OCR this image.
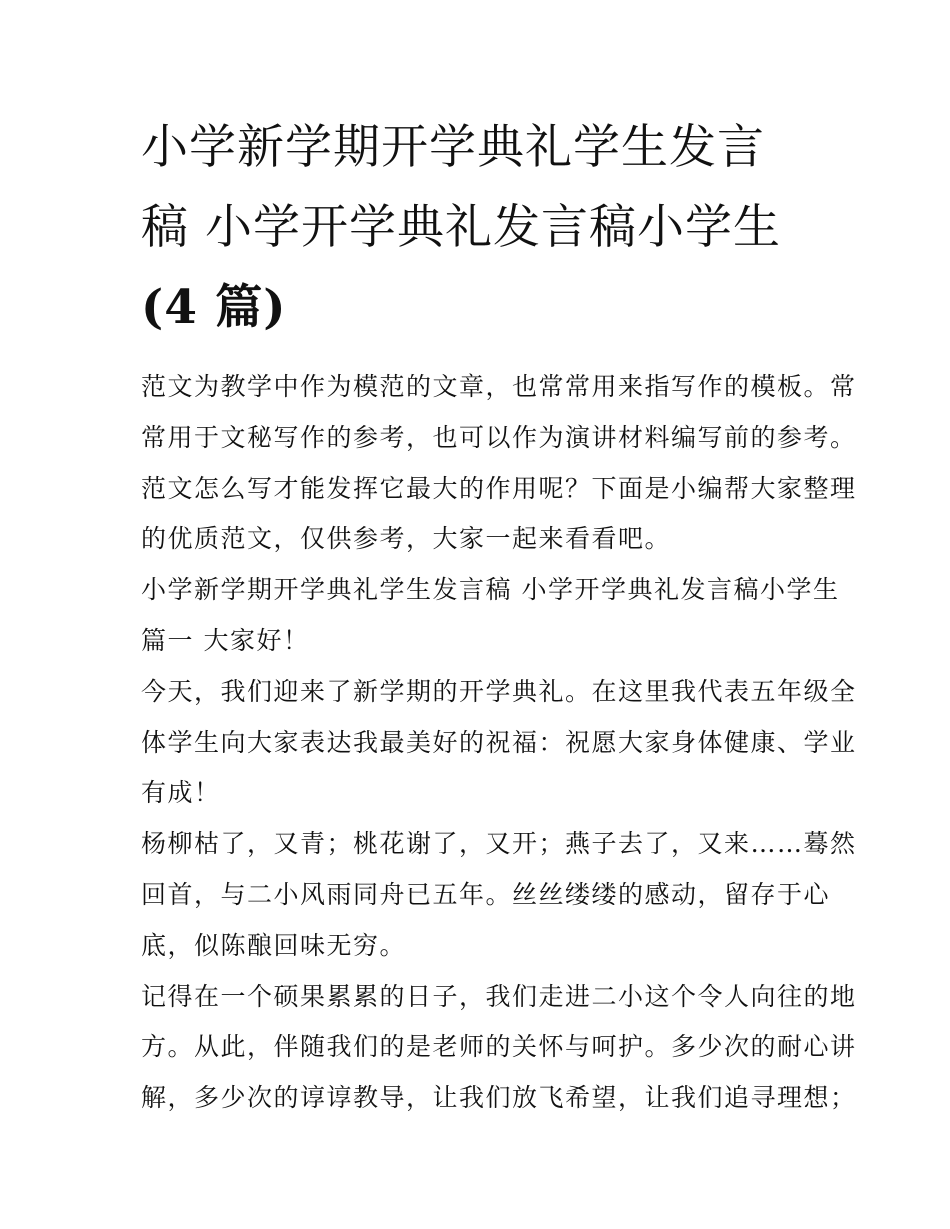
小学新学期开学典礼学生发言
稿 小学开学典礼发言稿小学生
(4 篇)

范文为教学中作为模范的文章，也常常用来指写作的模板。常
常用于文秘写作的参考，也可以作为演讲材料编写前的参考。
范文怎么写才能发挥它最大的作用呢？下面是小编帮大家整理
的优质范文，仅供参考，大家一起来看看吧。

小学新学期开学典礼学生发言稿 小学开学典礼发言稿小学生
篇一 大家好！

今天，我们迎来了新学期的开学典礼。在这里我代表五年级全
体学生向大家表达我最美好的祝福：祝愿大家身体健康、学业
有成！

杨柳枯了，又青；桃花谢了，又开；燕子去了，又来……蓦然
回首，与二小风雨同舟已五年。丝丝缕缕的感动，留存于心
底，似陈酿回味无穷。

记得在一个硕果累累的日子，我们走进二小这个令人向往的地
方。从此，伴随我们的是老师的关怀与呵护。多少次的耐心讲
解，多少次的谆谆教导，让我们放飞希望，让我们追寻理想；
